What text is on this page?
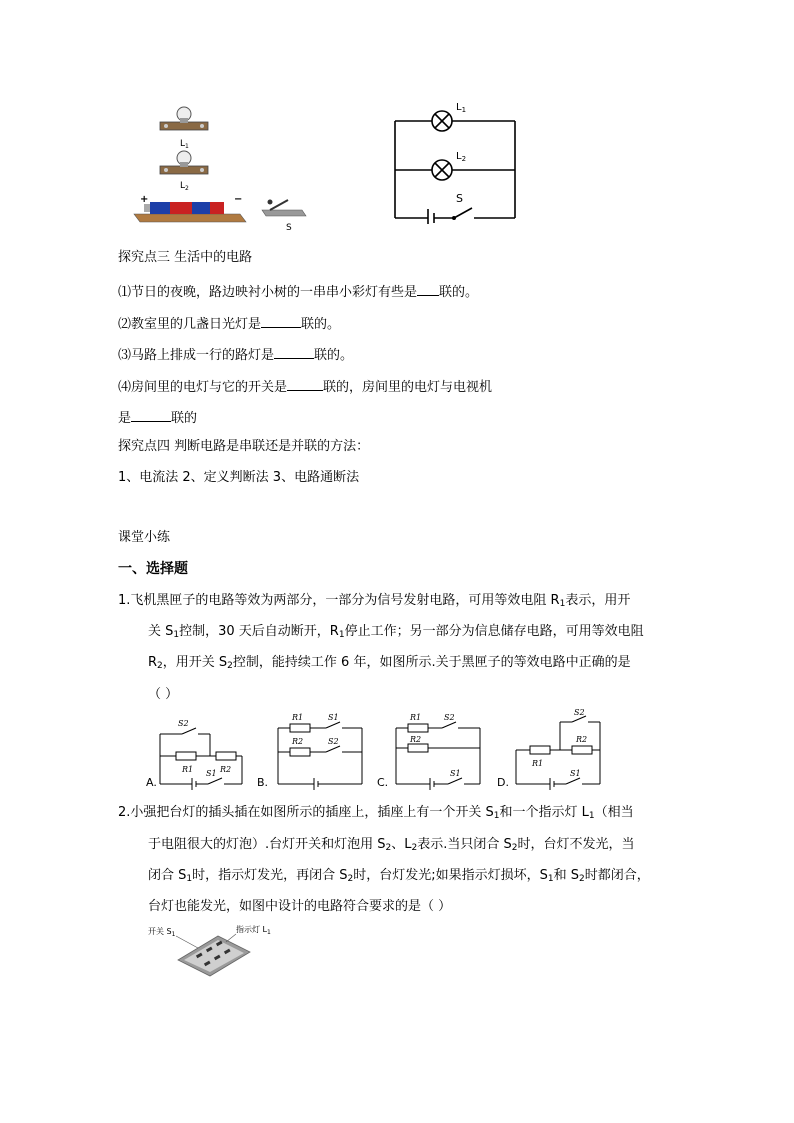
$L_1$
$L_2$
+	−
S
$L_1$
$L_2$
S
探究点三 生活中的电路
⑴节日的夜晚，路边映衬小树的一串串小彩灯有些是 联的。
⑵教室里的几盏日光灯是	联的。
⑶马路上排成一行的路灯是	联的。
⑷房间里的电灯与它的开关是	联的，房间里的电灯与电视机
是	联的
探究点四 判断电路是串联还是并联的方法：
1、电流法 2、定义判断法 3、电路通断法
课堂小练
一、选择题
1.飞机黑匣子的电路等效为两部分，一部分为信号发射电路，可用等效电阻 $R_1$表示，用开
关 $S_1$控制，30 天后自动断开，$R_1$停止工作；另一部分为信息储存电路，可用等效电阻
$R_2$，用开关 $S_2$控制，能持续工作 6 年，如图所示.关于黑匣子的等效电路中正确的是
（ ）
S2
R1	R2
S1
R1	S1
R2	S2
R1	S2
R2
S1
S2
R2
R1
S1
A.	B.	C.	D.
2.小强把台灯的插头插在如图所示的插座上，插座上有一个开关 $S_1$和一个指示灯 $L_1$（相当
于电阻很大的灯泡）.台灯开关和灯泡用 $S_2$、$L_2$表示.当只闭合 $S_2$时，台灯不发光，当
闭合 $S_1$时，指示灯发光，再闭合 $S_2$时，台灯发光;如果指示灯损坏，$S_1$和 $S_2$时都闭合，
台灯也能发光，如图中设计的电路符合要求的是（ ）
开关 $S_1$
指示灯 $L_1$
